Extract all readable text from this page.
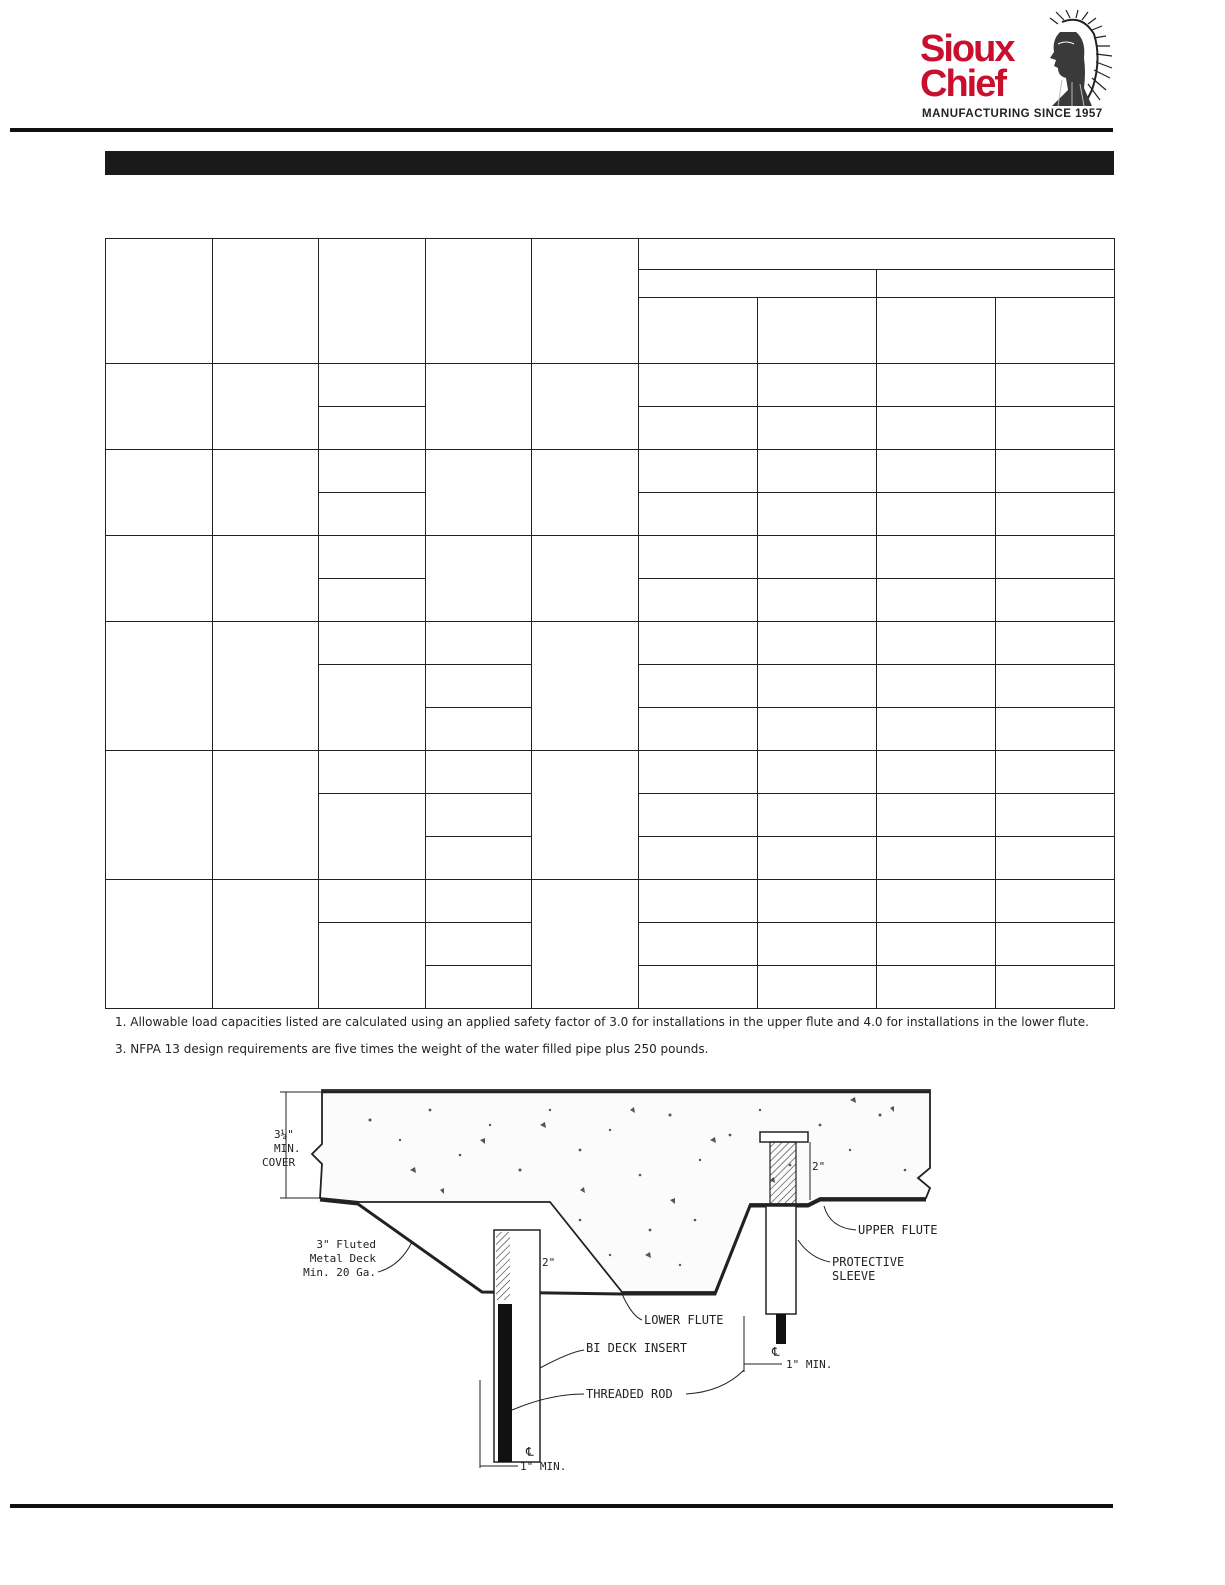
Sioux
Chief
MANUFACTURING SINCE 1957

1. Allowable load capacities listed are calculated using an applied safety factor of 3.0 for installations in the upper flute and 4.0 for installations in the lower flute.

3. NFPA 13 design requirements are five times the weight of the water filled pipe plus 250 pounds.

3¼"
MIN.
COVER
3" Fluted
Metal Deck
Min. 20 Ga.
2"
℄
1" MIN.
2"
℄
1" MIN.
UPPER FLUTE
PROTECTIVE
SLEEVE
LOWER FLUTE
BI DECK INSERT
THREADED ROD
